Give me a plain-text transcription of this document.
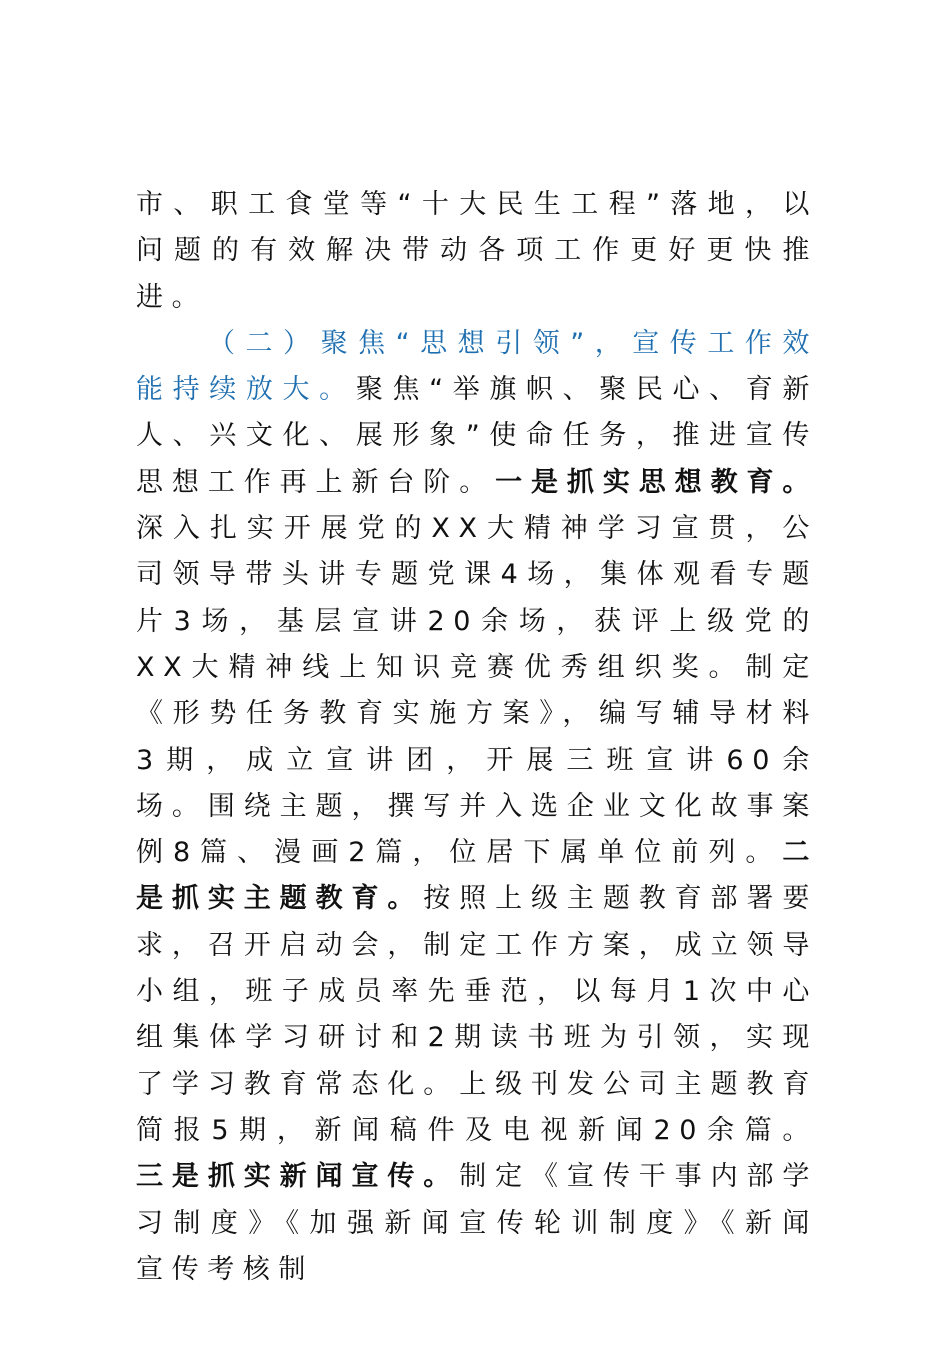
市、职工食堂等“十大民生工程”落地，以问题的有效解决带动各项工作更好更快推进。

（二）聚焦“思想引领”，宣传工作效能持续放大。聚焦“举旗帜、聚民心、育新人、兴文化、展形象”使命任务，推进宣传思想工作再上新台阶。一是抓实思想教育。深入扎实开展党的XX大精神学习宣贯，公司领导带头讲专题党课4场，集体观看专题片3场，基层宣讲20余场，获评上级党的XX大精神线上知识竞赛优秀组织奖。制定《形势任务教育实施方案》，编写辅导材料3期，成立宣讲团，开展三班宣讲60余场。围绕主题，撰写并入选企业文化故事案例8篇、漫画2篇，位居下属单位前列。二是抓实主题教育。按照上级主题教育部署要求，召开启动会，制定工作方案，成立领导小组，班子成员率先垂范，以每月1次中心组集体学习研讨和2期读书班为引领，实现了学习教育常态化。上级刊发公司主题教育简报5期，新闻稿件及电视新闻20余篇。三是抓实新闻宣传。制定《宣传干事内部学习制度》《加强新闻宣传轮训制度》《新闻宣传考核制
